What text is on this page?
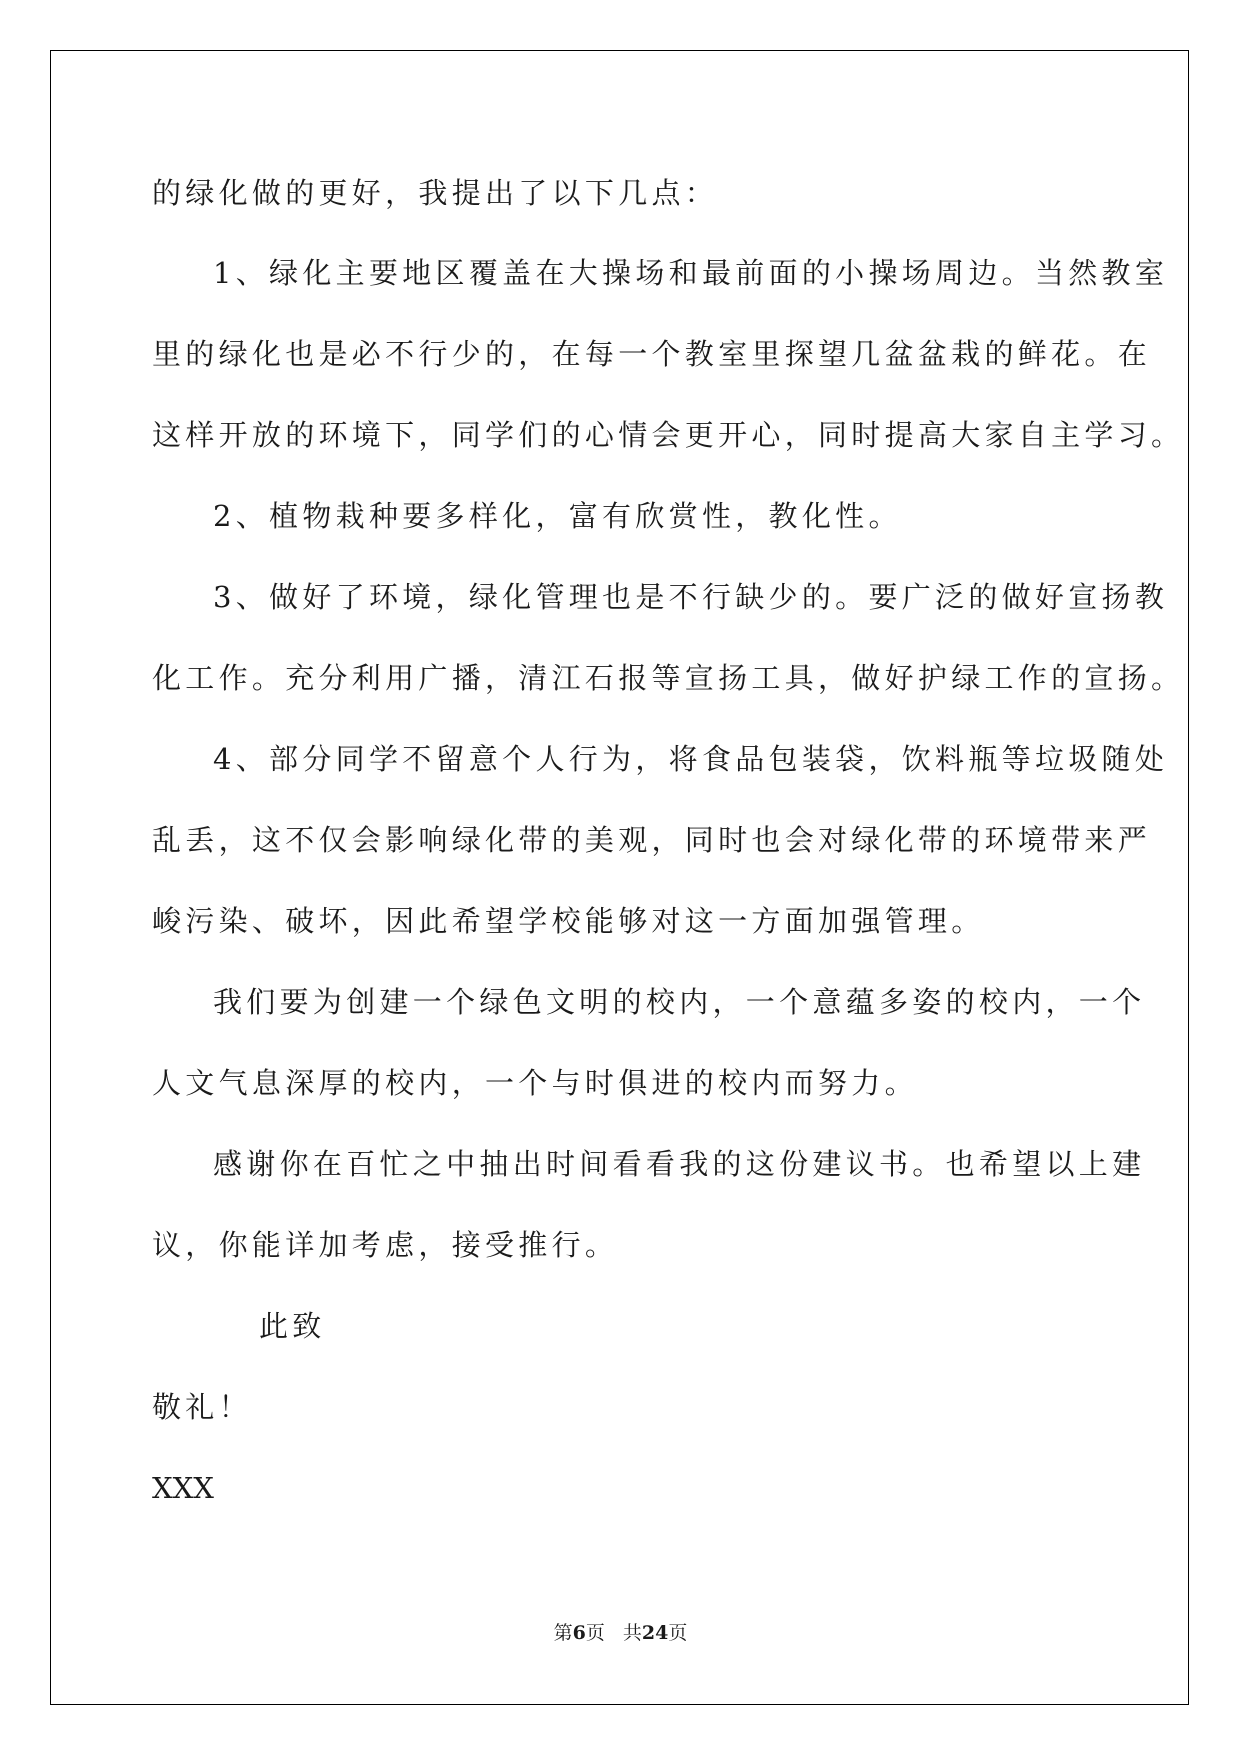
的绿化做的更好，我提出了以下几点：
1、绿化主要地区覆盖在大操场和最前面的小操场周边。当然教室
里的绿化也是必不行少的，在每一个教室里探望几盆盆栽的鲜花。在
这样开放的环境下，同学们的心情会更开心，同时提高大家自主学习。
2、植物栽种要多样化，富有欣赏性，教化性。
3、做好了环境，绿化管理也是不行缺少的。要广泛的做好宣扬教
化工作。充分利用广播，清江石报等宣扬工具，做好护绿工作的宣扬。
4、部分同学不留意个人行为，将食品包装袋，饮料瓶等垃圾随处
乱丢，这不仅会影响绿化带的美观，同时也会对绿化带的环境带来严
峻污染、破坏，因此希望学校能够对这一方面加强管理。
我们要为创建一个绿色文明的校内，一个意蕴多姿的校内，一个
人文气息深厚的校内，一个与时俱进的校内而努力。
感谢你在百忙之中抽出时间看看我的这份建议书。也希望以上建
议，你能详加考虑，接受推行。
此致
敬礼！
XXX
第6页 共24页
